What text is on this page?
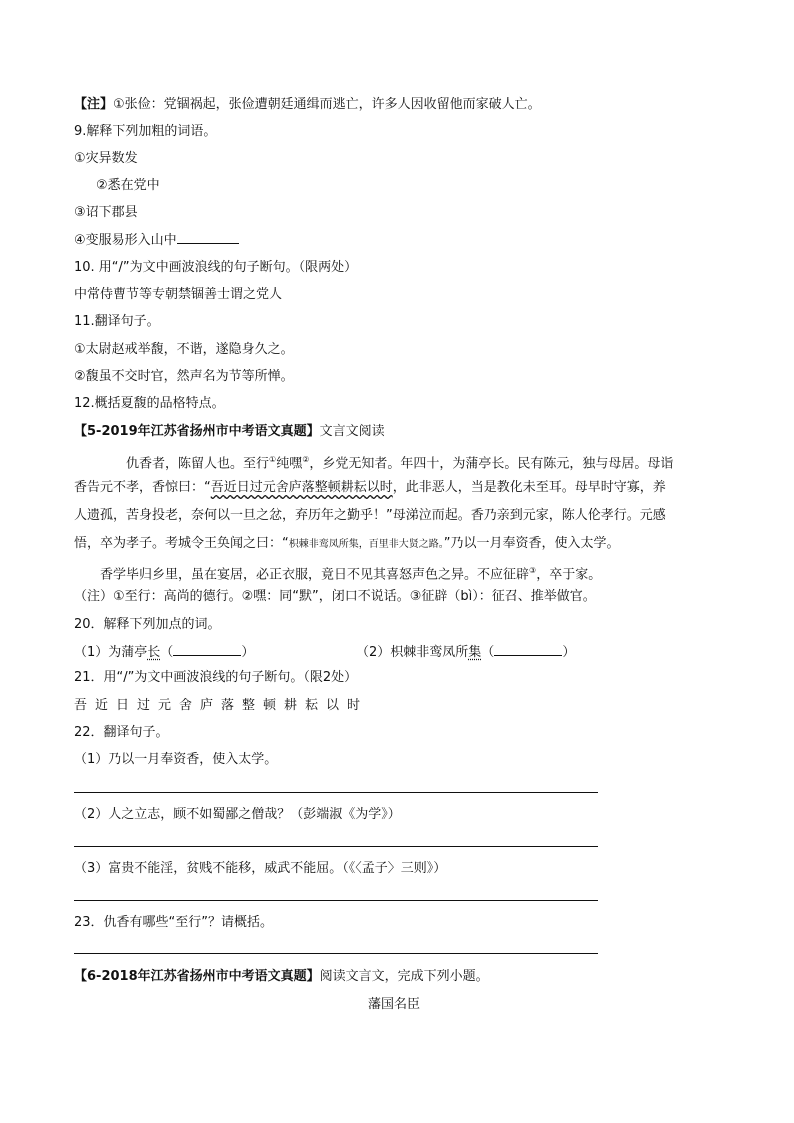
【注】①张俭：党锢祸起，张俭遭朝廷通缉而逃亡，许多人因收留他而家破人亡。
9.解释下列加粗的词语。
①灾异数发
②悉在党中
③诏下郡县
④变服易形入山中
10. 用“/”为文中画波浪线的句子断句。（限两处）
中常侍曹节等专朝禁锢善士谓之党人
11.翻译句子。
①太尉赵戒举馥，不谐，遂隐身久之。
②馥虽不交时官，然声名为节等所惮。
12.概括夏馥的品格特点。
【5-2019年江苏省扬州市中考语文真题】文言文阅读
仇香者，陈留人也。至行①纯嘿②，乡党无知者。年四十，为蒲亭长。民有陈元，独与母居。母诣
香告元不孝，香惊曰：“吾近日过元舍庐落整顿耕耘以时，此非恶人，当是教化未至耳。母早时守寡，养
人遗孤，苦身投老，奈何以一旦之忿，弃历年之勤乎！”母涕泣而起。香乃亲到元家，陈人伦孝行。元感
悟，卒为孝子。考城令王奂闻之曰：“枳棘非鸾凤所集，百里非大贤之路。”乃以一月奉资香，使入太学。
香学毕归乡里，虽在宴居，必正衣服，竟日不见其喜怒声色之异。不应征辟③，卒于家。
（注）①至行：高尚的德行。②嘿：同“默”，闭口不说话。③征辟（bì）：征召、推举做官。
20．解释下列加点的词。
（1）为蒲亭长（	）	（2）枳棘非鸾凤所集（	）
21．用“/”为文中画波浪线的句子断句。（限2处）
吾近日过元舍庐落整顿耕耘以时
22．翻译句子。
（1）乃以一月奉资香，使入太学。
（2）人之立志，顾不如蜀鄙之僧哉？（彭端淑《为学》）
（3）富贵不能淫，贫贱不能移，威武不能屈。（《〈孟子〉三则》）
23．仇香有哪些“至行”？请概括。
【6-2018年江苏省扬州市中考语文真题】阅读文言文，完成下列小题。
藩国名臣
